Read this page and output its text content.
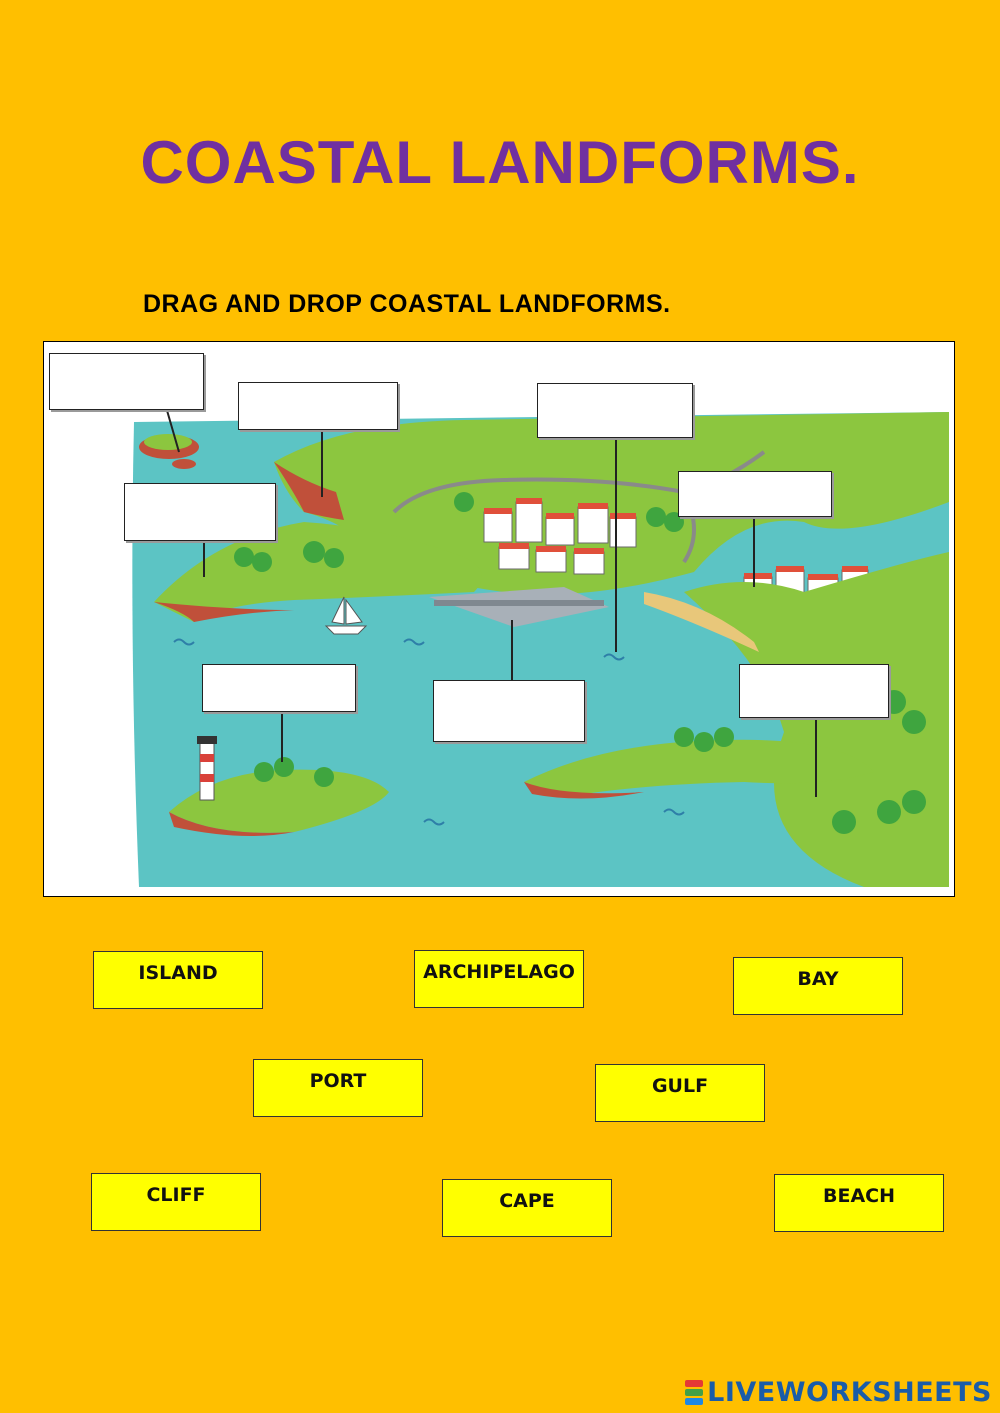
COASTAL LANDFORMS.
DRAG AND DROP COASTAL LANDFORMS.
ISLAND	ARCHIPELAGO	BAY
PORT	GULF
CLIFF	CAPE	BEACH
LIVEWORKSHEETS
